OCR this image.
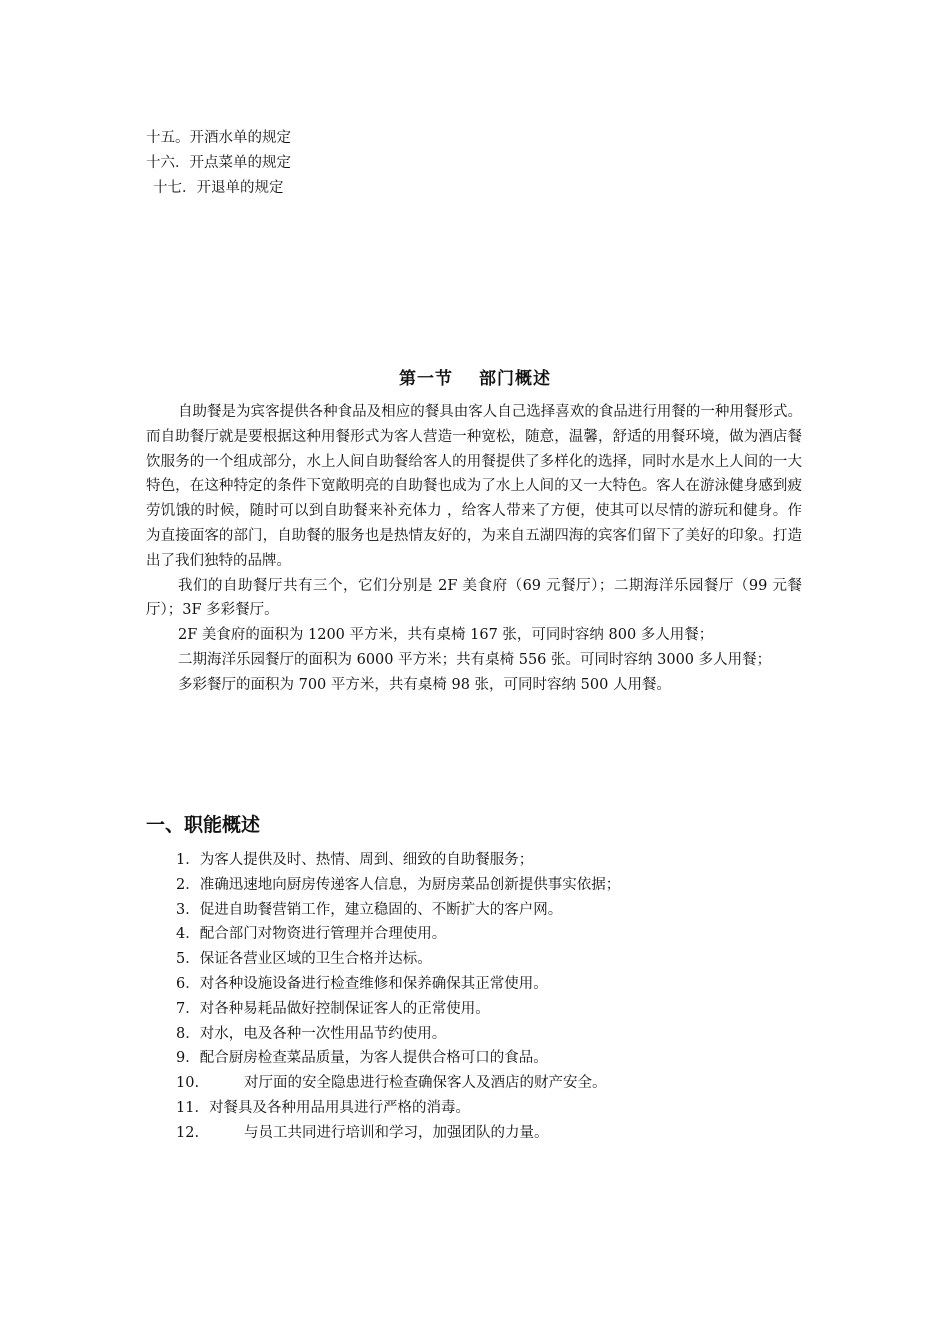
十五。开酒水单的规定
十六．开点菜单的规定
十七．开退单的规定
第一节 部门概述

自助餐是为宾客提供各种食品及相应的餐具由客人自己选择喜欢的食品进行用餐的一种用餐形式。而自助餐厅就是要根据这种用餐形式为客人营造一种宽松，随意，温馨，舒适的用餐环境，做为酒店餐饮服务的一个组成部分，水上人间自助餐给客人的用餐提供了多样化的选择，同时水是水上人间的一大特色，在这种特定的条件下宽敞明亮的自助餐也成为了水上人间的又一大特色。客人在游泳健身感到疲劳饥饿的时候，随时可以到自助餐来补充体力 ，给客人带来了方便，使其可以尽情的游玩和健身。作为直接面客的部门，自助餐的服务也是热情友好的，为来自五湖四海的宾客们留下了美好的印象。打造出了我们独特的品牌。

我们的自助餐厅共有三个，它们分别是 2F 美食府（69 元餐厅）；二期海洋乐园餐厅（99 元餐厅）；3F 多彩餐厅。

2F 美食府的面积为 1200 平方米，共有桌椅 167 张，可同时容纳 800 多人用餐；

二期海洋乐园餐厅的面积为 6000 平方米；共有桌椅 556 张。可同时容纳 3000 多人用餐；

多彩餐厅的面积为 700 平方米，共有桌椅 98 张，可同时容纳 500 人用餐。

一、职能概述
1．为客人提供及时、热情、周到、细致的自助餐服务；
2．准确迅速地向厨房传递客人信息，为厨房菜品创新提供事实依据；
3．促进自助餐营销工作，建立稳固的、不断扩大的客户网。
4．配合部门对物资进行管理并合理使用。
5．保证各营业区域的卫生合格并达标。
6．对各种设施设备进行检查维修和保养确保其正常使用。
7．对各种易耗品做好控制保证客人的正常使用。
8．对水，电及各种一次性用品节约使用。
9．配合厨房检查菜品质量，为客人提供合格可口的食品。
10.	对厅面的安全隐患进行检查确保客人及酒店的财产安全。
11．对餐具及各种用品用具进行严格的消毒。
12.	与员工共同进行培训和学习，加强团队的力量。
